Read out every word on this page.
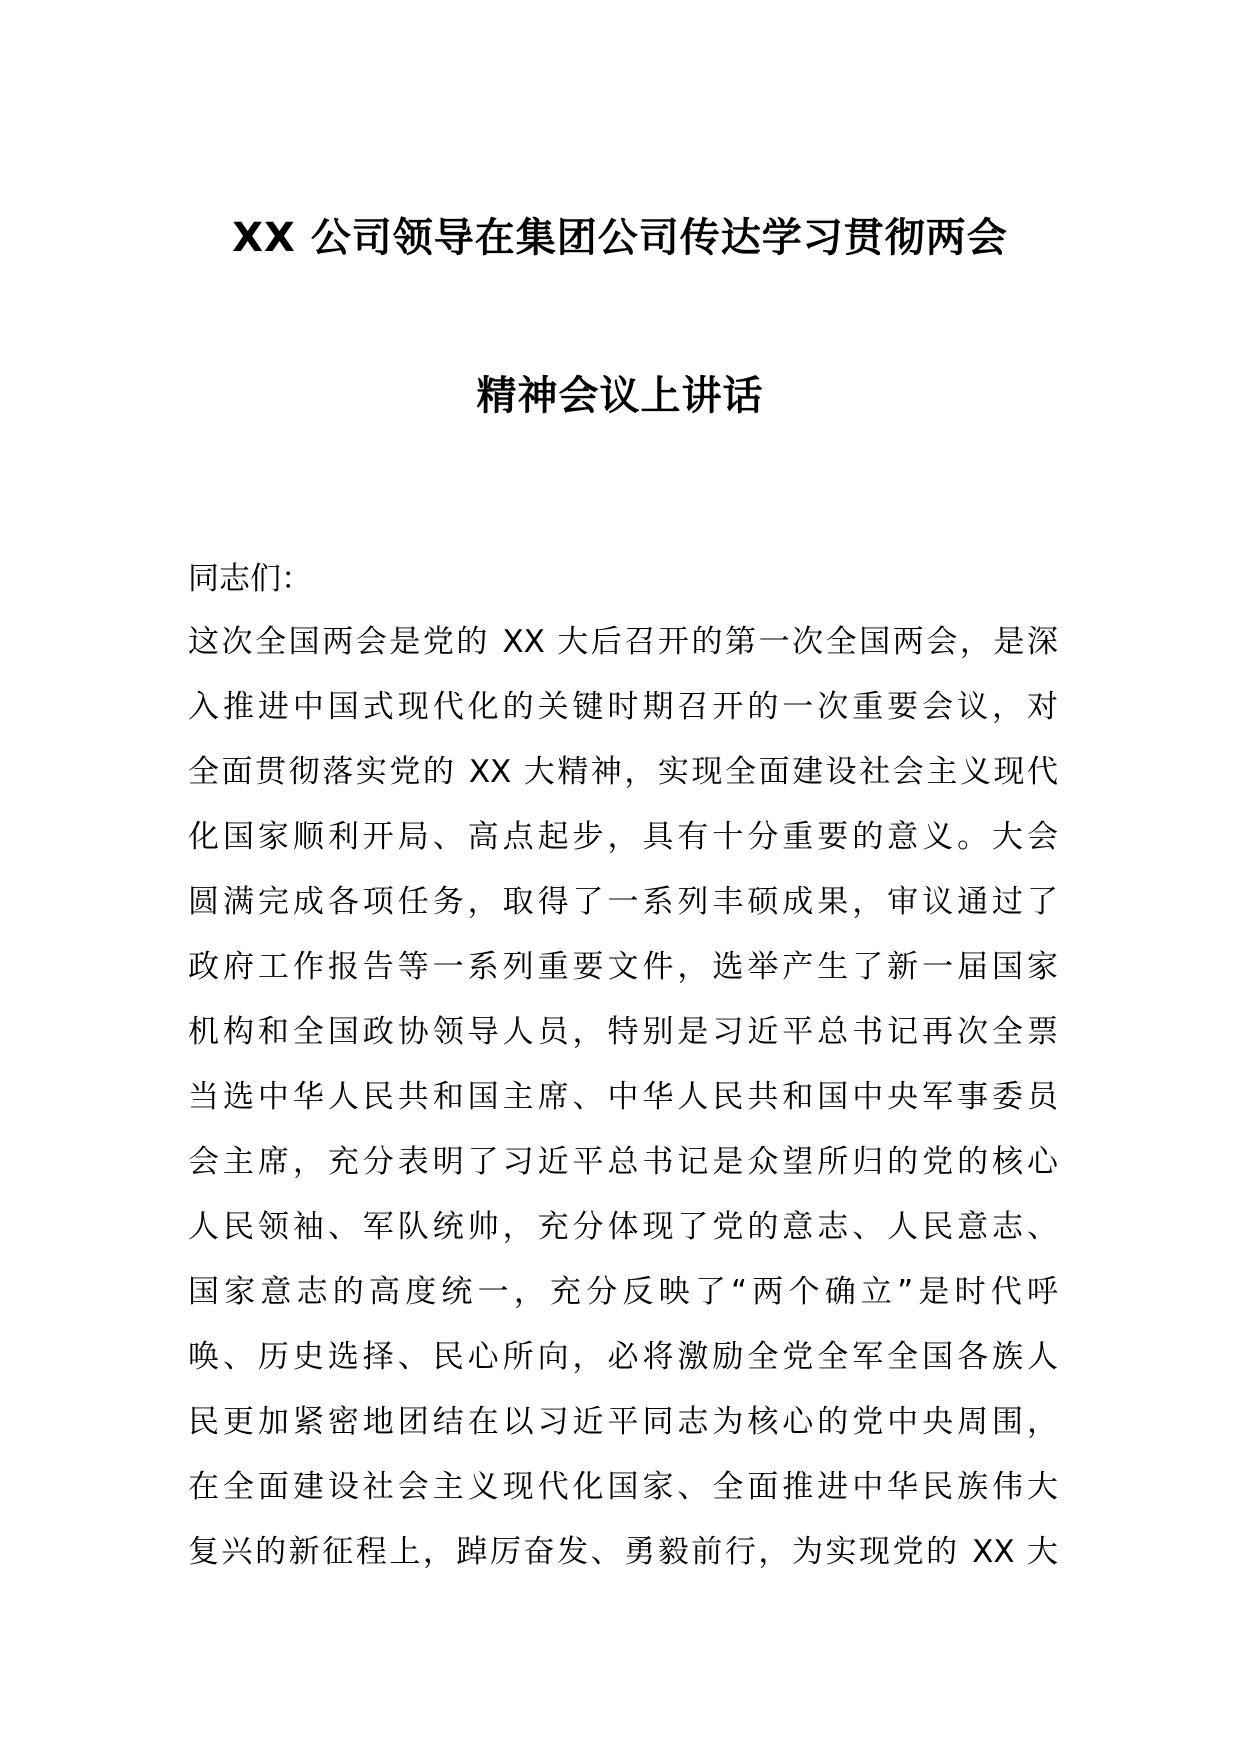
XX 公司领导在集团公司传达学习贯彻两会
精神会议上讲话
同志们：
这次全国两会是党的 XX 大后召开的第一次全国两会，是深
入推进中国式现代化的关键时期召开的一次重要会议，对
全面贯彻落实党的 XX 大精神，实现全面建设社会主义现代
化国家顺利开局、高点起步，具有十分重要的意义。大会
圆满完成各项任务，取得了一系列丰硕成果，审议通过了
政府工作报告等一系列重要文件，选举产生了新一届国家
机构和全国政协领导人员，特别是习近平总书记再次全票
当选中华人民共和国主席、中华人民共和国中央军事委员
会主席，充分表明了习近平总书记是众望所归的党的核心
人民领袖、军队统帅，充分体现了党的意志、人民意志、
国家意志的高度统一，充分反映了“两个确立”是时代呼
唤、历史选择、民心所向，必将激励全党全军全国各族人
民更加紧密地团结在以习近平同志为核心的党中央周围，
在全面建设社会主义现代化国家、全面推进中华民族伟大
复兴的新征程上，踔厉奋发、勇毅前行，为实现党的 XX 大
